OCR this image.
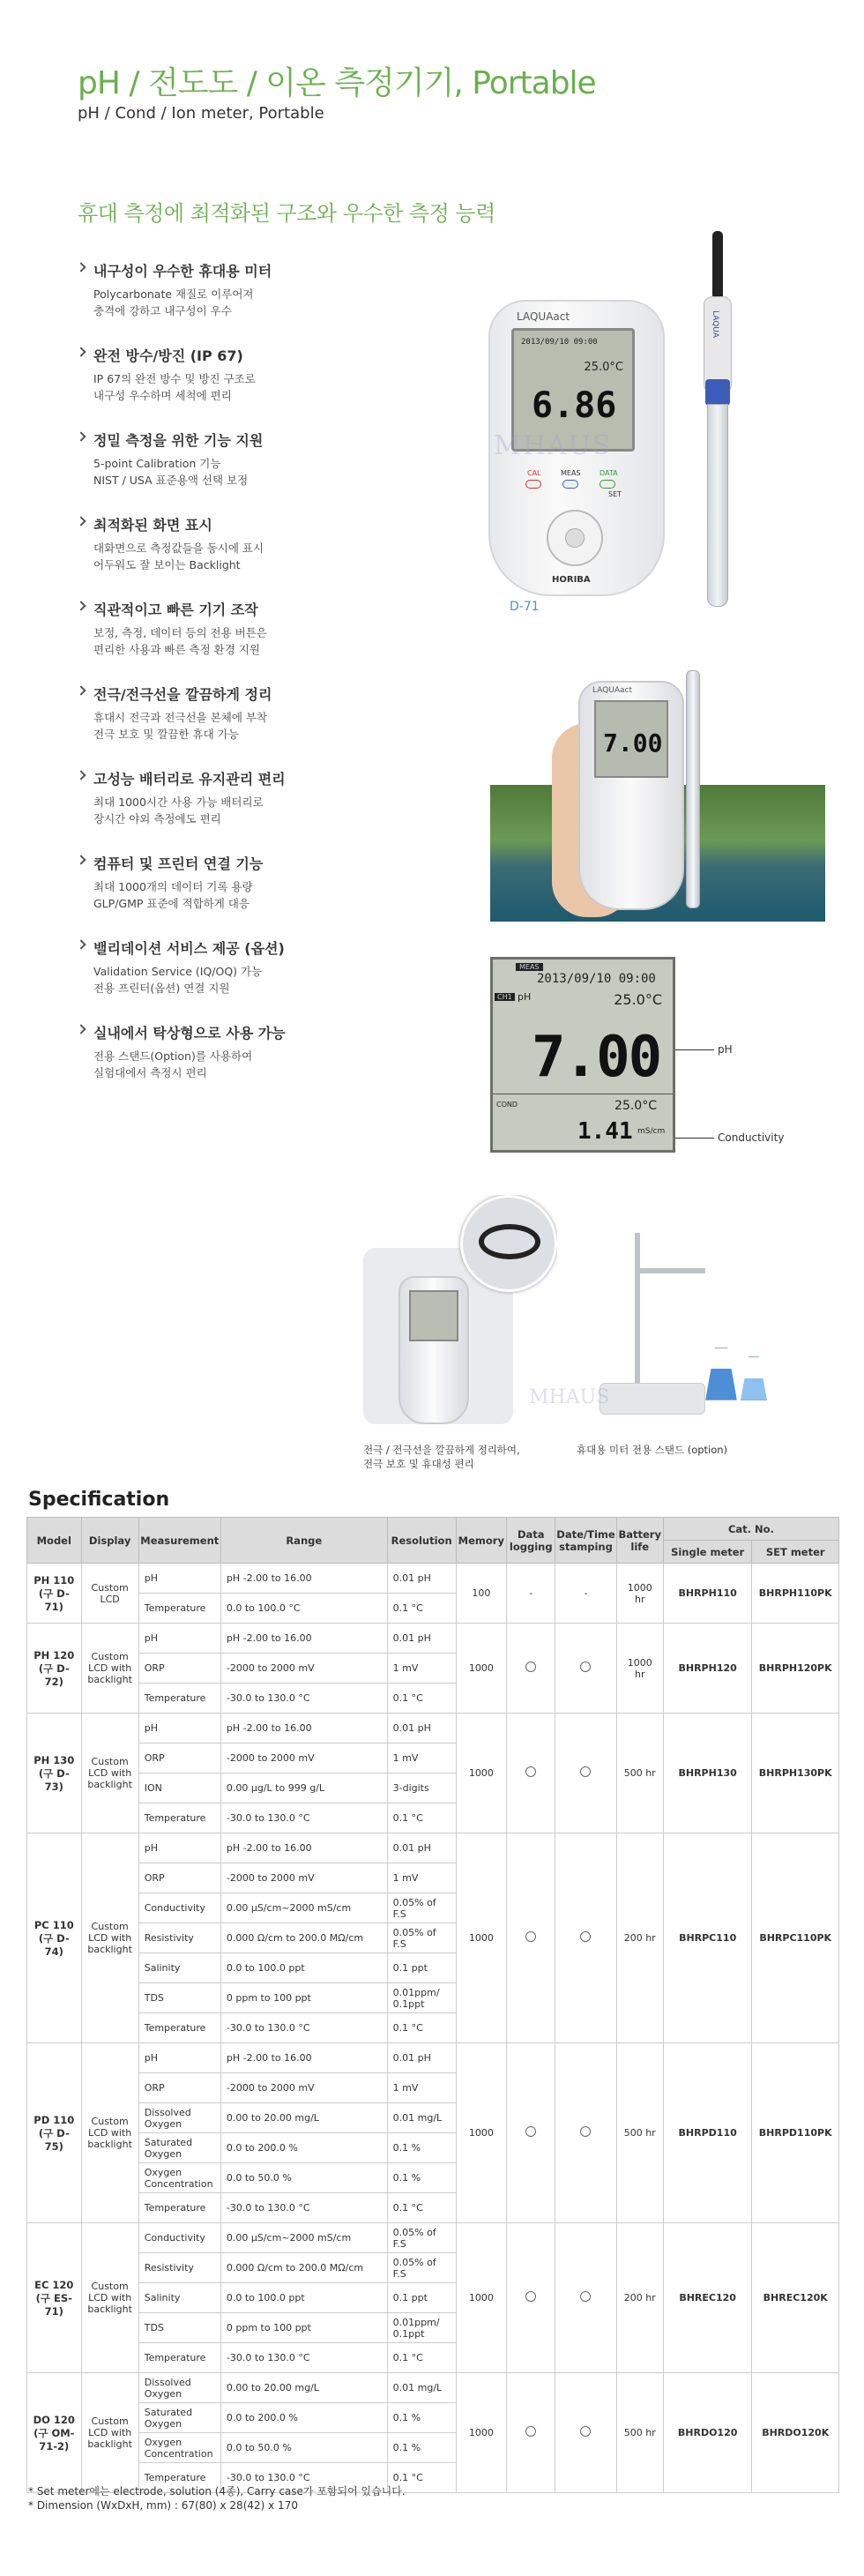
pH / 전도도 / 이온 측정기기, Portable
pH / Cond / Ion meter, Portable
휴대 측정에 최적화된 구조와 우수한 측정 능력
내구성이 우수한 휴대용 미터
Polycarbonate 재질로 이루어져
충격에 강하고 내구성이 우수
완전 방수/방진 (IP 67)
IP 67의 완전 방수 및 방진 구조로
내구성 우수하며 세척에 편리
정밀 측정을 위한 기능 지원
5-point Calibration 기능
NIST / USA 표준용액 선택 보정
최적화된 화면 표시
대화면으로 측정값들을 동시에 표시
어두워도 잘 보이는 Backlight
직관적이고 빠른 기기 조작
보정, 측정, 데이터 등의 전용 버튼은
편리한 사용과 빠른 측정 환경 지원
전극/전극선을 깔끔하게 정리
휴대시 전극과 전극선을 본체에 부착
전극 보호 및 깔끔한 휴대 가능
고성능 배터리로 유지관리 편리
최대 1000시간 사용 가능 배터리로
장시간 야외 측정에도 편리
컴퓨터 및 프린터 연결 기능
최대 1000개의 데이터 기록 용량
GLP/GMP 표준에 적합하게 대응
밸리데이션 서비스 제공 (옵션)
Validation Service (IQ/OQ) 가능
전용 프린터(옵션) 연결 지원
실내에서 탁상형으로 사용 가능
전용 스탠드(Option)를 사용하여
실험대에서 측정시 편리
LAQUAact
2013/09/10 09:00
25.0°C
6.86
CAL	MEAS	DATA
SET
HORIBA
D-71
MHAUS
LAQUA
LAQUAact
7.00
MEAS
2013/09/10 09:00
CH1 pH	25.0°C
7.00
COND	25.0°C
1.41 mS/cm
pH
Conductivity
MHAUS
전극 / 전극선을 깔끔하게 정리하여,
전극 보호 및 휴대성 편리
휴대용 미터 전용 스탠드 (option)
Specification
Model	Display	Measurement	Range	Resolution	Memory	Data logging	Date/Time stamping	Battery life	Cat. No.	
									Single meter	SET meter

PH 110
(구 D-71)	Custom LCD	pH	pH -2.00 to 16.00	0.01 pH	100	-	-	1000 hr	BHRPH110	BHRPH110PK
		Temperature	0.0 to 100.0 °C	0.1 °C						

PH 120
(구 D-72)	Custom LCD with backlight	pH	pH -2.00 to 16.00	0.01 pH	1000			1000 hr	BHRPH120	BHRPH120PK
		ORP	-2000 to 2000 mV	1 mV						
		Temperature	-30.0 to 130.0 °C	0.1 °C						

PH 130
(구 D-73)	Custom LCD with backlight	pH	pH -2.00 to 16.00	0.01 pH	1000			500 hr	BHRPH130	BHRPH130PK
		ORP	-2000 to 2000 mV	1 mV						
		ION	0.00 μg/L to 999 g/L	3-digits						
		Temperature	-30.0 to 130.0 °C	0.1 °C						

PC 110
(구 D-74)	Custom LCD with backlight	pH	pH -2.00 to 16.00	0.01 pH	1000			200 hr	BHRPC110	BHRPC110PK
		ORP	-2000 to 2000 mV	1 mV						
		Conductivity	0.00 μS/cm~2000 mS/cm	0.05% of F.S						
		Resistivity	0.000 Ω/cm to 200.0 MΩ/cm	0.05% of F.S						
		Salinity	0.0 to 100.0 ppt	0.1 ppt						
		TDS	0 ppm to 100 ppt	0.01ppm/ 0.1ppt						
		Temperature	-30.0 to 130.0 °C	0.1 °C						

PD 110
(구 D-75)	Custom LCD with backlight	pH	pH -2.00 to 16.00	0.01 pH	1000			500 hr	BHRPD110	BHRPD110PK
		ORP	-2000 to 2000 mV	1 mV						
		Dissolved Oxygen	0.00 to 20.00 mg/L	0.01 mg/L						
		Saturated Oxygen	0.0 to 200.0 %	0.1 %						
		Oxygen Concentration	0.0 to 50.0 %	0.1 %						
		Temperature	-30.0 to 130.0 °C	0.1 °C						

EC 120
(구 ES-71)	Custom LCD with backlight	Conductivity	0.00 μS/cm~2000 mS/cm	0.05% of F.S	1000			200 hr	BHREC120	BHREC120K
		Resistivity	0.000 Ω/cm to 200.0 MΩ/cm	0.05% of F.S						
		Salinity	0.0 to 100.0 ppt	0.1 ppt						
		TDS	0 ppm to 100 ppt	0.01ppm/ 0.1ppt						
		Temperature	-30.0 to 130.0 °C	0.1 °C						

DO 120
(구 OM-71-2)	Custom LCD with backlight	Dissolved Oxygen	0.00 to 20.00 mg/L	0.01 mg/L	1000			500 hr	BHRDO120	BHRDO120K
		Saturated Oxygen	0.0 to 200.0 %	0.1 %						
		Oxygen Concentration	0.0 to 50.0 %	0.1 %						
		Temperature	-30.0 to 130.0 °C	0.1 °C						
* Set meter에는 electrode, solution (4종), Carry case가 포함되어 있습니다.
* Dimension (WxDxH, mm) : 67(80) x 28(42) x 170
